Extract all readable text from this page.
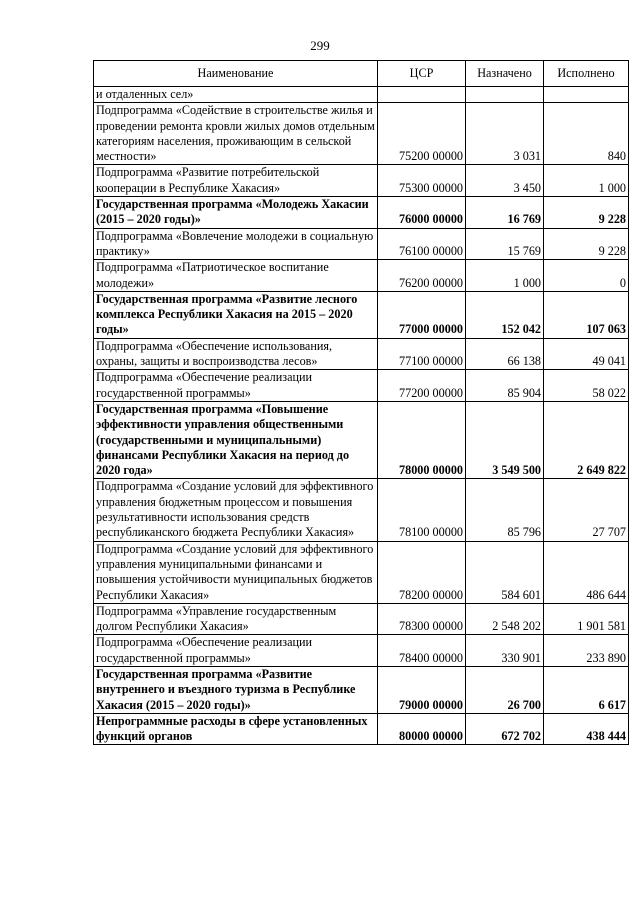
299
Наименование	ЦСР	Назначено	Исполнено
и отдаленных сел»			
Подпрограмма «Содействие в строительстве жилья и проведении ремонта кровли жилых домов отдельным категориям населения, проживающим в сельской местности»	75200 00000	3 031	840
Подпрограмма «Развитие потребительской кооперации в Республике Хакасия»	75300 00000	3 450	1 000
Государственная программа «Молодежь Хакасии (2015 – 2020 годы)»	76000 00000	16 769	9 228
Подпрограмма «Вовлечение молодежи в социальную практику»	76100 00000	15 769	9 228
Подпрограмма «Патриотическое воспитание молодежи»	76200 00000	1 000	0
Государственная программа «Развитие лесного комплекса Республики Хакасия на 2015 – 2020 годы»	77000 00000	152 042	107 063
Подпрограмма «Обеспечение использования, охраны, защиты и воспроизводства лесов»	77100 00000	66 138	49 041
Подпрограмма «Обеспечение реализации государственной программы»	77200 00000	85 904	58 022
Государственная программа «Повышение эффективности управления общественными (государственными и муниципальными) финансами Республики Хакасия на период до 2020 года»	78000 00000	3 549 500	2 649 822
Подпрограмма «Создание условий для эффективного управления бюджетным процессом и повышения результативности использования средств республиканского бюджета Республики Хакасия»	78100 00000	85 796	27 707
Подпрограмма «Создание условий для эффективного управления муниципальными финансами и повышения устойчивости муниципальных бюджетов Республики Хакасия»	78200 00000	584 601	486 644
Подпрограмма «Управление государственным долгом Республики Хакасия»	78300 00000	2 548 202	1 901 581
Подпрограмма «Обеспечение реализации государственной программы»	78400 00000	330 901	233 890
Государственная программа «Развитие внутреннего и въездного туризма в Республике Хакасия (2015 – 2020 годы)»	79000 00000	26 700	6 617
Непрограммные расходы в сфере установленных функций органов	80000 00000	672 702	438 444
